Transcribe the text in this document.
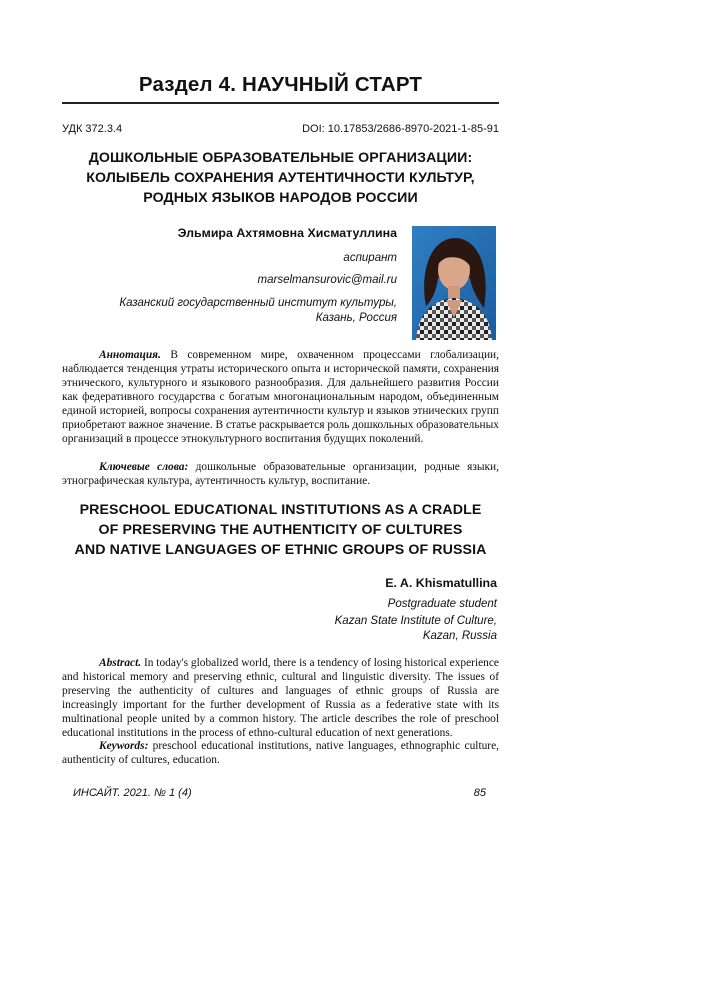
Раздел 4. НАУЧНЫЙ СТАРТ
УДК 372.3.4	DOI: 10.17853/2686-8970-2021-1-85-91
ДОШКОЛЬНЫЕ ОБРАЗОВАТЕЛЬНЫЕ ОРГАНИЗАЦИИ:
КОЛЫБЕЛЬ СОХРАНЕНИЯ АУТЕНТИЧНОСТИ КУЛЬТУР,
РОДНЫХ ЯЗЫКОВ НАРОДОВ РОССИИ
Эльмира Ахтямовна Хисматуллина
аспирант
marselmansurovic@mail.ru
Казанский государственный институт культуры,
Казань, Россия
Аннотация. В современном мире, охваченном процессами глобализации, наблюдается тенденция утраты исторического опыта и исторической памяти, сохранения этнического, культурного и языкового разнообразия. Для дальнейшего развития России как федеративного государства с богатым многонациональным народом, объединенным единой историей, вопросы сохранения аутентичности культур и языков этнических групп приобретают важное значение. В статье раскрывается роль дошкольных образовательных организаций в процессе этнокультурного воспитания будущих поколений.
Ключевые слова: дошкольные образовательные организации, родные языки, этнографическая культура, аутентичность культур, воспитание.
PRESCHOOL EDUCATIONAL INSTITUTIONS AS A CRADLE
OF PRESERVING THE AUTHENTICITY OF CULTURES
AND NATIVE LANGUAGES OF ETHNIC GROUPS OF RUSSIA
E. A. Khismatullina
Postgraduate student
Kazan State Institute of Culture,
Kazan, Russia
Abstract. In today's globalized world, there is a tendency of losing historical experience and historical memory and preserving ethnic, cultural and linguistic diversity. The issues of preserving the authenticity of cultures and languages of ethnic groups of Russia are increasingly important for the further development of Russia as a federative state with its multinational people united by a common history. The article describes the role of preschool educational institutions in the process of ethno-cultural education of next generations.
Keywords: preschool educational institutions, native languages, ethnographic culture, authenticity of cultures, education.
ИНСАЙТ. 2021. № 1 (4)	85
